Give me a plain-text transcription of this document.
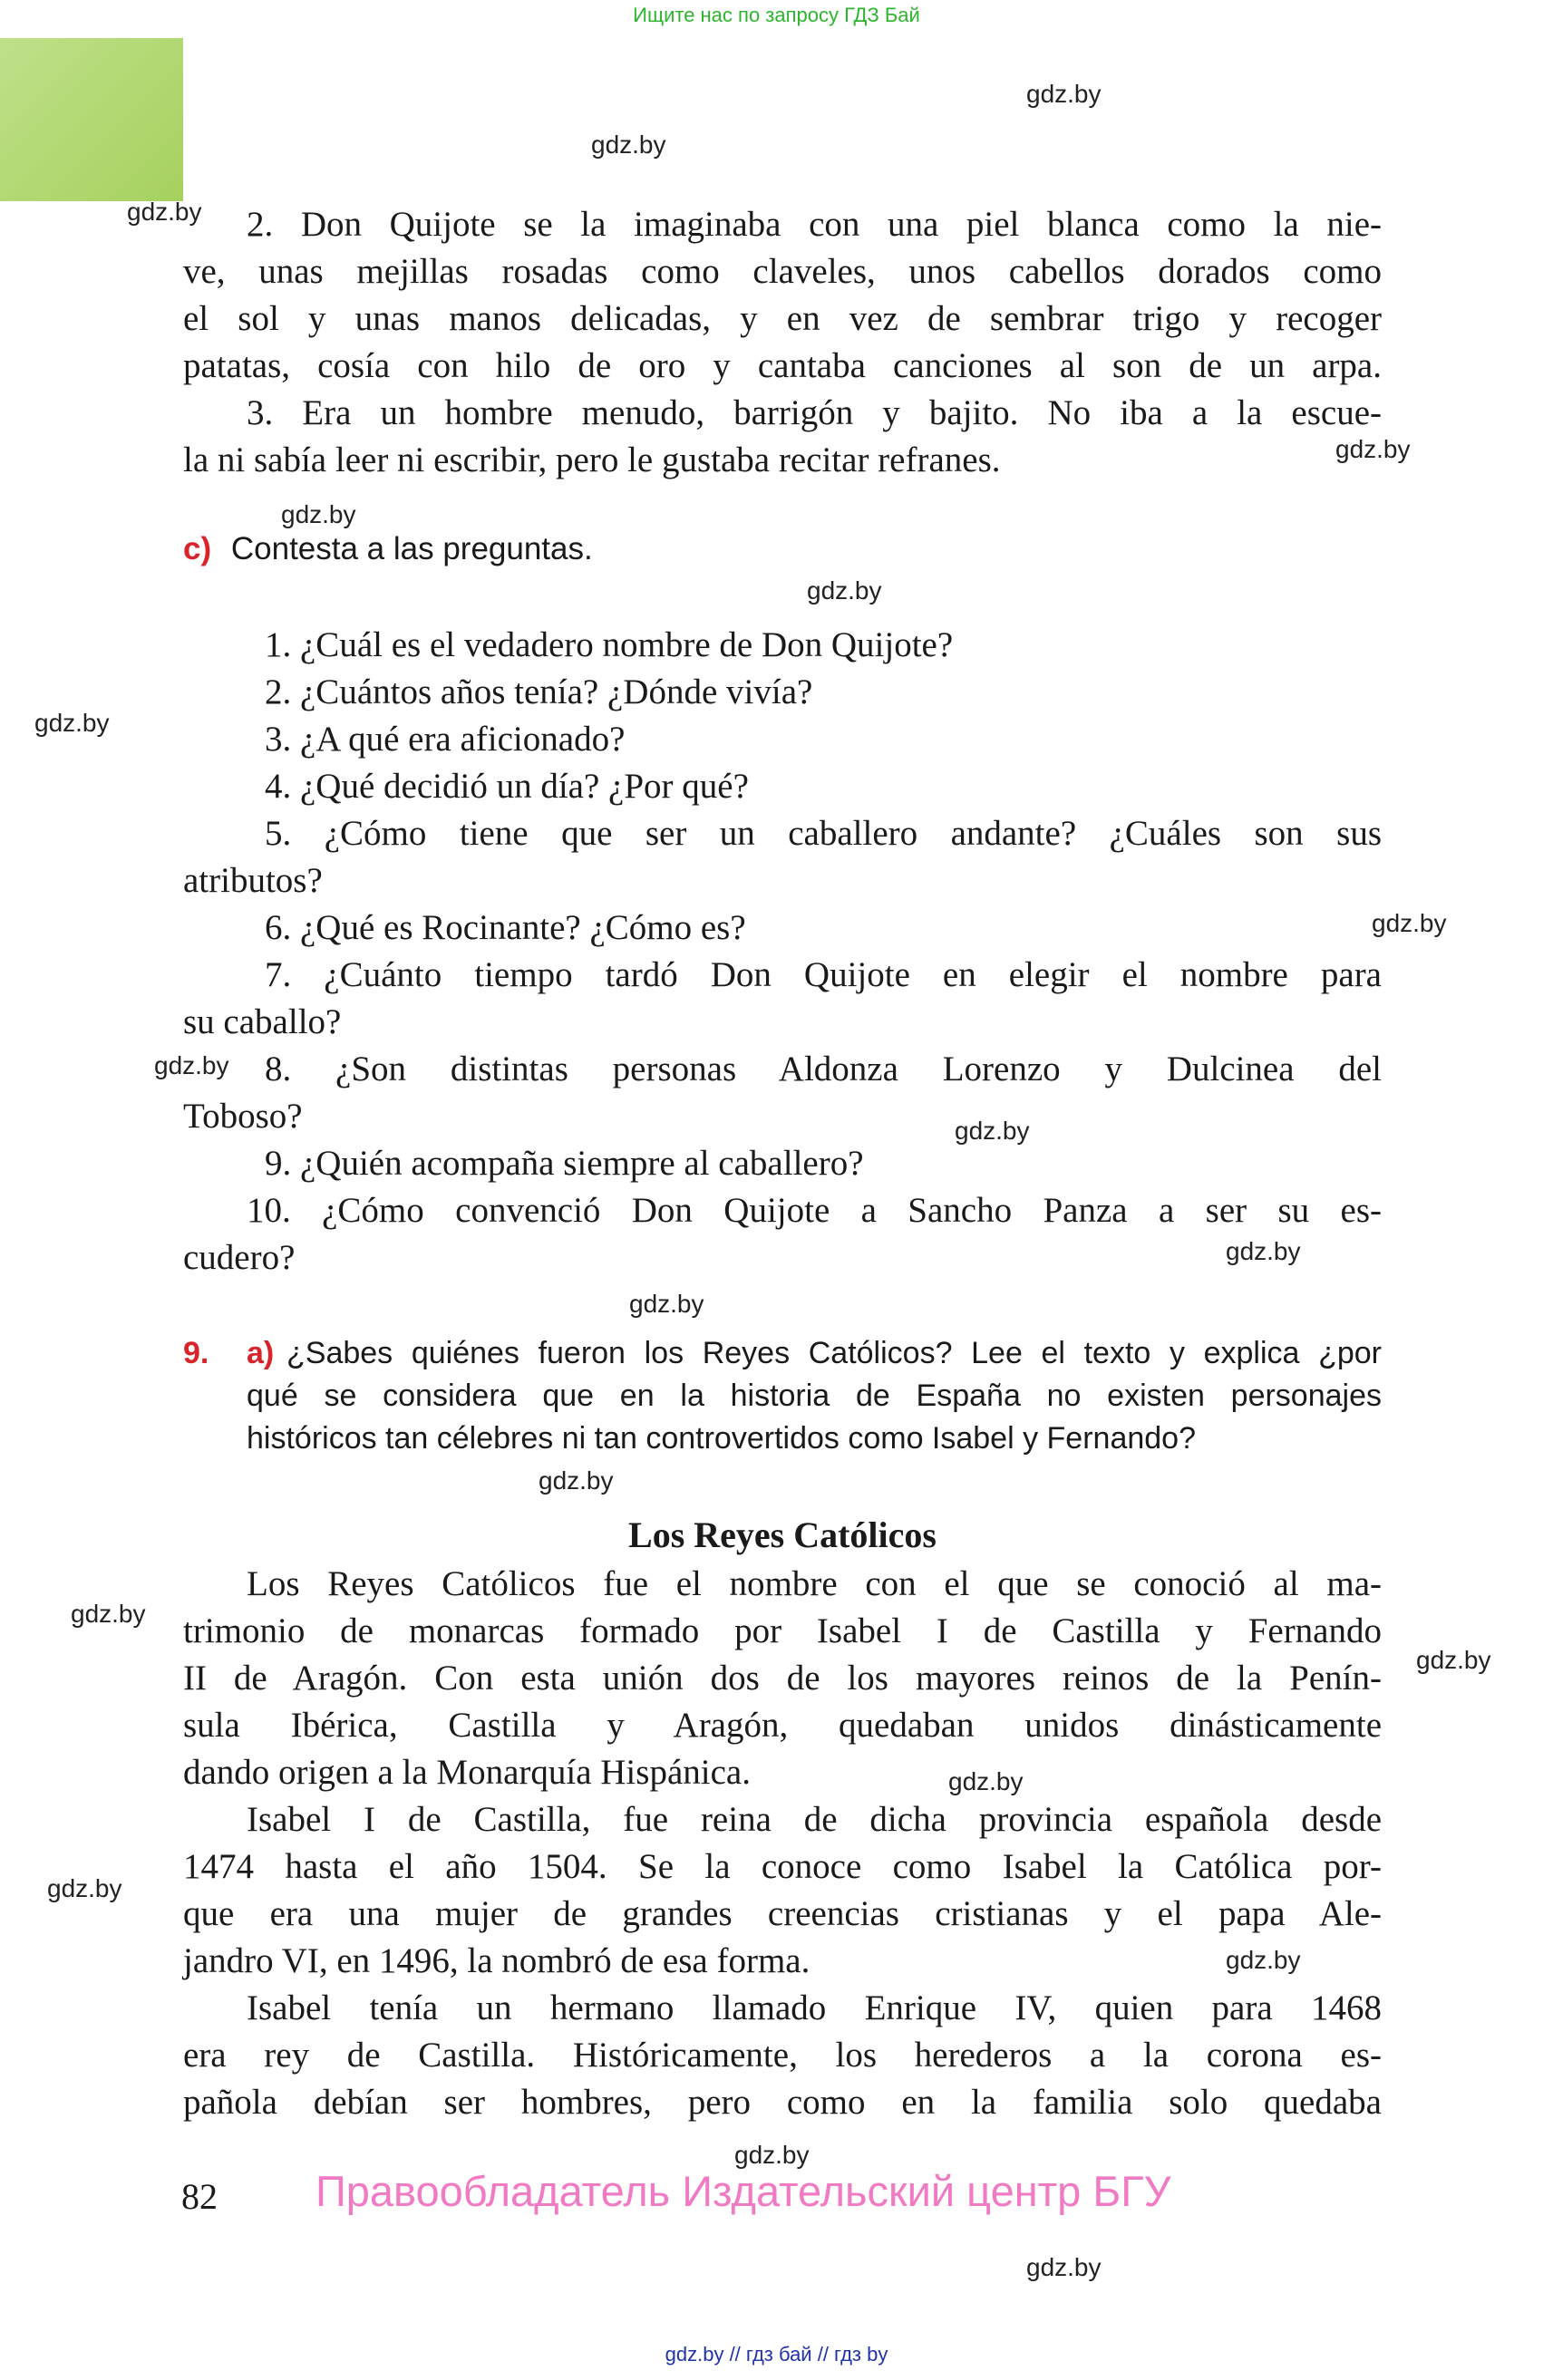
Ищите нас по запросу ГДЗ Бай
gdz.by
gdz.by
gdz.by
gdz.by
gdz.by
gdz.by
gdz.by
gdz.by
gdz.by
gdz.by
gdz.by
gdz.by
gdz.by
gdz.by
gdz.by
gdz.by
gdz.by
gdz.by
gdz.by
gdz.by
2. Don Quijote se la imaginaba con una piel blanca como la nie-
ve, unas mejillas rosadas como claveles, unos cabellos dorados como
el sol y unas manos delicadas, y en vez de sembrar trigo y recoger
patatas, cosía con hilo de oro y cantaba canciones al son de un arpa.
3. Era un hombre menudo, barrigón y bajito. No iba a la escue-
la ni sabía leer ni escribir, pero le gustaba recitar refranes.
c) Contesta a las preguntas.
1. ¿Cuál es el vedadero nombre de Don Quijote?
2. ¿Cuántos años tenía? ¿Dónde vivía?
3. ¿A qué era aficionado?
4. ¿Qué decidió un día? ¿Por qué?
5. ¿Cómo tiene que ser un caballero andante? ¿Cuáles son sus
atributos?
6. ¿Qué es Rocinante? ¿Cómo es?
7. ¿Cuánto tiempo tardó Don Quijote en elegir el nombre para
su caballo?
8. ¿Son distintas personas Aldonza Lorenzo y Dulcinea del
Toboso?
9. ¿Quién acompaña siempre al caballero?
10. ¿Cómo convenció Don Quijote a Sancho Panza a ser su es-
cudero?
9. a) ¿Sabes quiénes fueron los Reyes Católicos? Lee el texto y explica ¿por
qué se considera que en la historia de España no existen personajes
históricos tan célebres ni tan controvertidos como Isabel y Fernando?
Los Reyes Católicos
Los Reyes Católicos fue el nombre con el que se conoció al ma-
trimonio de monarcas formado por Isabel I de Castilla y Fernando
II de Aragón. Con esta unión dos de los mayores reinos de la Penín-
sula Ibérica, Castilla y Aragón, quedaban unidos dinásticamente
dando origen a la Monarquía Hispánica.
Isabel I de Castilla, fue reina de dicha provincia española desde
1474 hasta el año 1504. Se la conoce como Isabel la Católica por-
que era una mujer de grandes creencias cristianas y el papa Ale-
jandro VI, en 1496, la nombró de esa forma.
Isabel tenía un hermano llamado Enrique IV, quien para 1468
era rey de Castilla. Históricamente, los herederos a la corona es-
pañola debían ser hombres, pero como en la familia solo quedaba
82 Правообладатель Издательский центр БГУ
gdz.by // гдз бай // гдз by
